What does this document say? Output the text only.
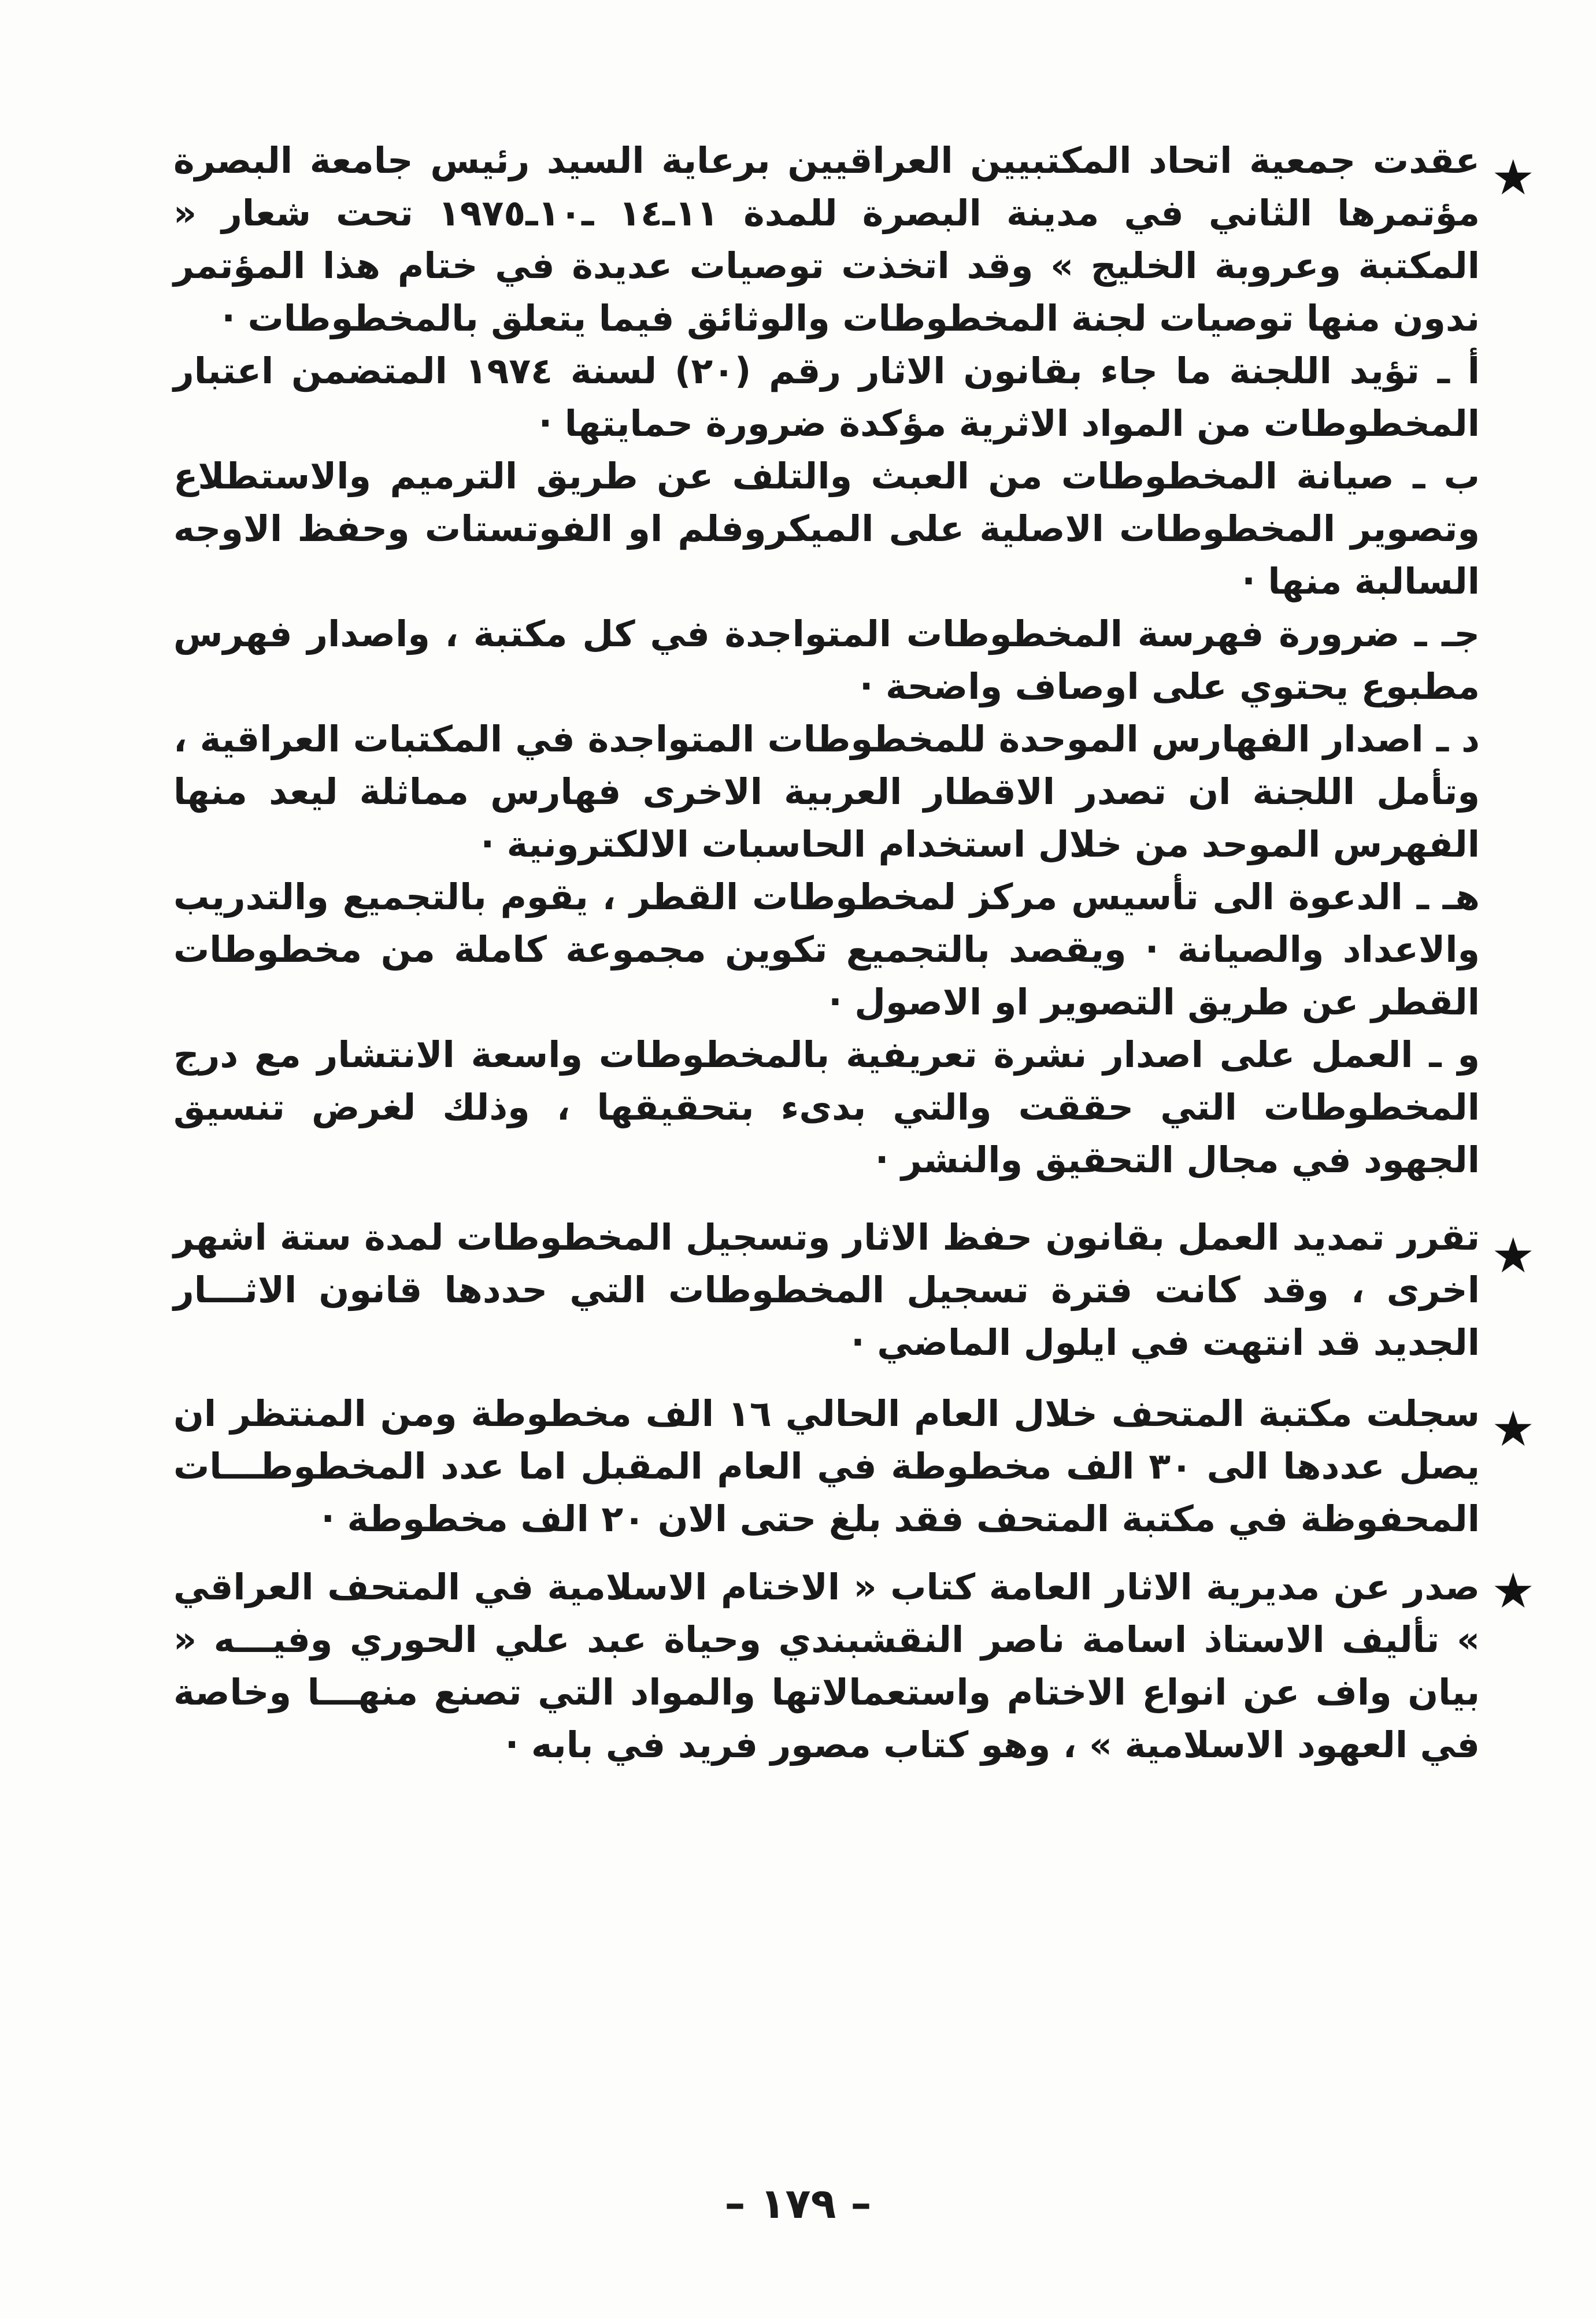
★

عقدت جمعية اتحاد المكتبيين العراقيين برعاية السيد رئيس جامعة البصرة مؤتمرها الثاني في مدينة البصرة للمدة ١١ـ١٤ ـ١٠ـ١٩٧٥ تحت شعار « المكتبة وعروبة الخليج » وقد اتخذت توصيات عديدة في ختام هذا المؤتمر ندون منها توصيات لجنة المخطوطات والوثائق فيما يتعلق بالمخطوطات ·

أ ـ تؤيد اللجنة ما جاء بقانون الاثار رقم (٢٠) لسنة ١٩٧٤ المتضمن اعتبار المخطوطات من المواد الاثرية مؤكدة ضرورة حمايتها ·

ب ـ صيانة المخطوطات من العبث والتلف عن طريق الترميم والاستطلاع وتصوير المخطوطات الاصلية على الميكروفلم او الفوتستات وحفظ الاوجه السالبة منها ·

جـ ـ ضرورة فهرسة المخطوطات المتواجدة في كل مكتبة ، واصدار فهرس مطبوع يحتوي على اوصاف واضحة ·

د ـ اصدار الفهارس الموحدة للمخطوطات المتواجدة في المكتبات العراقية ، وتأمل اللجنة ان تصدر الاقطار العربية الاخرى فهارس مماثلة ليعد منها الفهرس الموحد من خلال استخدام الحاسبات الالكترونية ·

هـ ـ الدعوة الى تأسيس مركز لمخطوطات القطر ، يقوم بالتجميع والتدريب والاعداد والصيانة · ويقصد بالتجميع تكوين مجموعة كاملة من مخطوطات القطر عن طريق التصوير او الاصول ·

و ـ العمل على اصدار نشرة تعريفية بالمخطوطات واسعة الانتشار مع درج المخطوطات التي حققت والتي بدىء بتحقيقها ، وذلك لغرض تنسيق الجهود في مجال التحقيق والنشر ·

★

تقرر تمديد العمل بقانون حفظ الاثار وتسجيل المخطوطات لمدة ستة اشهر اخرى ، وقد كانت فترة تسجيل المخطوطات التي حددها قانون الاثـــار الجديد قد انتهت في ايلول الماضي ·

★

سجلت مكتبة المتحف خلال العام الحالي ١٦ الف مخطوطة ومن المنتظر ان يصل عددها الى ٣٠ الف مخطوطة في العام المقبل اما عدد المخطوطـــات المحفوظة في مكتبة المتحف فقد بلغ حتى الان ٢٠ الف مخطوطة ·

★

صدر عن مديرية الاثار العامة كتاب « الاختام الاسلامية في المتحف العراقي » تأليف الاستاذ اسامة ناصر النقشبندي وحياة عبد علي الحوري وفيـــه « بيان واف عن انواع الاختام واستعمالاتها والمواد التي تصنع منهـــا وخاصة في العهود الاسلامية » ، وهو كتاب مصور فريد في بابه ·

– ١٧٩ –
